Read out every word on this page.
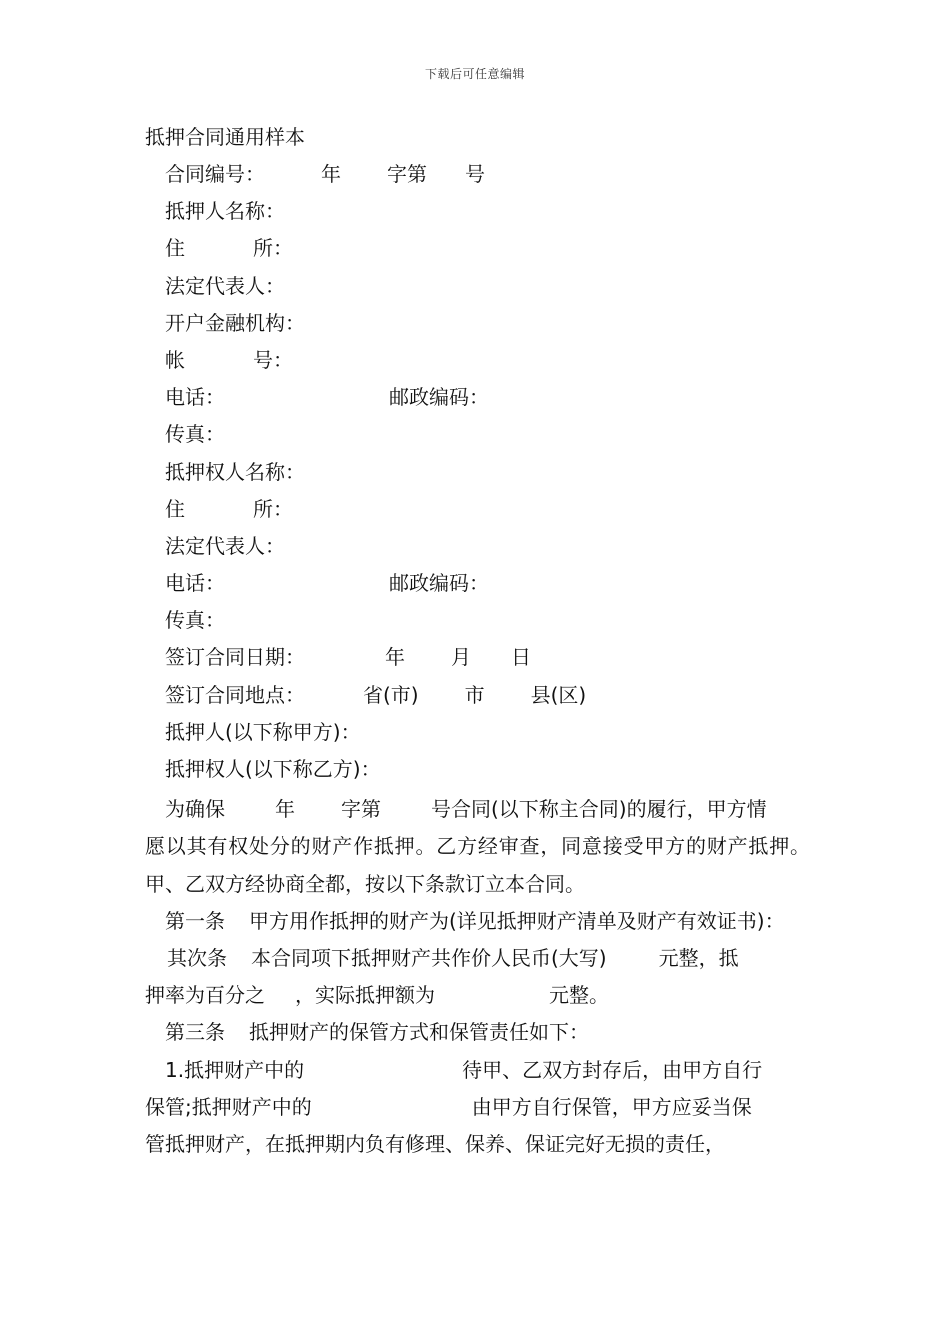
下载后可任意编辑
抵押合同通用样本
合同编号：	年 字第 号
抵押人名称：
住	所：
法定代表人：
开户金融机构：
帐	号：
电话：	邮政编码：
传真：
抵押权人名称：
住	所：
法定代表人：
电话：	邮政编码：
传真：
签订合同日期：	年 月 日
签订合同地点：	省(市) 市 县(区)
抵押人(以下称甲方)：
抵押权人(以下称乙方)：

为确保	年 字第	号合同(以下称主合同)的履行，甲方情

愿以其有权处分的财产作抵押。乙方经审查，同意接受甲方的财产抵押。甲、乙双方经协商全都，按以下条款订立本合同。

第一条 甲方用作抵押的财产为(详见抵押财产清单及财产有效证书)：

其次条 本合同项下抵押财产共作价人民币(大写)	元整，抵

押率为百分之 ，实际抵押额为	元整。

第三条 抵押财产的保管方式和保管责任如下：

1.抵押财产中的	待甲、乙双方封存后，由甲方自行

保管;抵押财产中的	由甲方自行保管，甲方应妥当保

管抵押财产，在抵押期内负有修理、保养、保证完好无损的责任，
